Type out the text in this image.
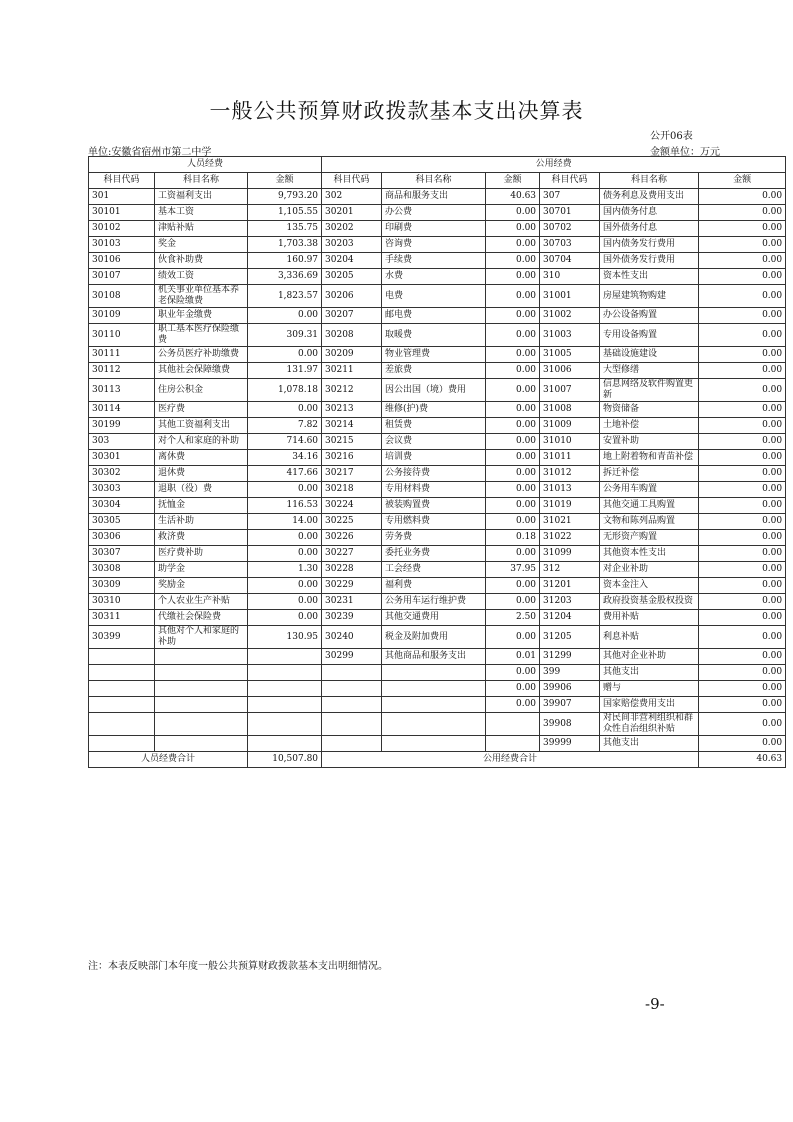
一般公共预算财政拨款基本支出决算表
公开06表
单位:安徽省宿州市第二中学	金额单位：万元
人员经费			公用经费					
科目代码	科目名称	金额	科目代码	科目名称	金额	科目代码	科目名称	金额
301	工资福利支出	9,793.20	302	商品和服务支出	40.63	307	债务利息及费用支出	0.00
30101	基本工资	1,105.55	30201	办公费	0.00	30701	国内债务付息	0.00
30102	津贴补贴	135.75	30202	印刷费	0.00	30702	国外债务付息	0.00
30103	奖金	1,703.38	30203	咨询费	0.00	30703	国内债务发行费用	0.00
30106	伙食补助费	160.97	30204	手续费	0.00	30704	国外债务发行费用	0.00
30107	绩效工资	3,336.69	30205	水费	0.00	310	资本性支出	0.00
30108	机关事业单位基本养老保险缴费	1,823.57	30206	电费	0.00	31001	房屋建筑物购建	0.00
30109	职业年金缴费	0.00	30207	邮电费	0.00	31002	办公设备购置	0.00
30110	职工基本医疗保险缴费	309.31	30208	取暖费	0.00	31003	专用设备购置	0.00
30111	公务员医疗补助缴费	0.00	30209	物业管理费	0.00	31005	基础设施建设	0.00
30112	其他社会保障缴费	131.97	30211	差旅费	0.00	31006	大型修缮	0.00
30113	住房公积金	1,078.18	30212	因公出国（境）费用	0.00	31007	信息网络及软件购置更新	0.00
30114	医疗费	0.00	30213	维修(护)费	0.00	31008	物资储备	0.00
30199	其他工资福利支出	7.82	30214	租赁费	0.00	31009	土地补偿	0.00
303	对个人和家庭的补助	714.60	30215	会议费	0.00	31010	安置补助	0.00
30301	离休费	34.16	30216	培训费	0.00	31011	地上附着物和青苗补偿	0.00
30302	退休费	417.66	30217	公务接待费	0.00	31012	拆迁补偿	0.00
30303	退职（役）费	0.00	30218	专用材料费	0.00	31013	公务用车购置	0.00
30304	抚恤金	116.53	30224	被装购置费	0.00	31019	其他交通工具购置	0.00
30305	生活补助	14.00	30225	专用燃料费	0.00	31021	文物和陈列品购置	0.00
30306	救济费	0.00	30226	劳务费	0.18	31022	无形资产购置	0.00
30307	医疗费补助	0.00	30227	委托业务费	0.00	31099	其他资本性支出	0.00
30308	助学金	1.30	30228	工会经费	37.95	312	对企业补助	0.00
30309	奖励金	0.00	30229	福利费	0.00	31201	资本金注入	0.00
30310	个人农业生产补贴	0.00	30231	公务用车运行维护费	0.00	31203	政府投资基金股权投资	0.00
30311	代缴社会保险费	0.00	30239	其他交通费用	2.50	31204	费用补贴	0.00
30399	其他对个人和家庭的补助	130.95	30240	税金及附加费用	0.00	31205	利息补贴	0.00
			30299	其他商品和服务支出	0.01	31299	其他对企业补助	0.00
					0.00	399	其他支出	0.00
					0.00	39906	赠与	0.00
					0.00	39907	国家赔偿费用支出	0.00
						39908	对民间非营利组织和群众性自治组织补贴	0.00
						39999	其他支出	0.00
人员经费合计		10,507.80	公用经费合计					40.63
注：本表反映部门本年度一般公共预算财政拨款基本支出明细情况。
-9-
